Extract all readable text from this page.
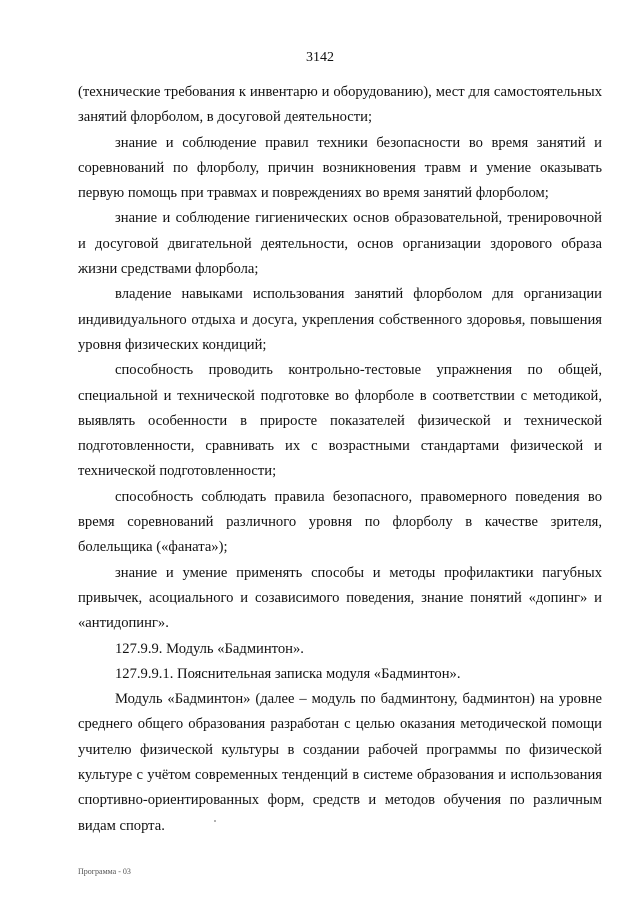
3142

(технические требования к инвентарю и оборудованию), мест для самостоятельных занятий флорболом, в досуговой деятельности;

знание и соблюдение правил техники безопасности во время занятий и соревнований по флорболу, причин возникновения травм и умение оказывать первую помощь при травмах и повреждениях во время занятий флорболом;

знание и соблюдение гигиенических основ образовательной, тренировочной и досуговой двигательной деятельности, основ организации здорового образа жизни средствами флорбола;

владение навыками использования занятий флорболом для организации индивидуального отдыха и досуга, укрепления собственного здоровья, повышения уровня физических кондиций;

способность проводить контрольно-тестовые упражнения по общей, специальной и технической подготовке во флорболе в соответствии с методикой, выявлять особенности в приросте показателей физической и технической подготовленности, сравнивать их с возрастными стандартами физической и технической подготовленности;

способность соблюдать правила безопасного, правомерного поведения во время соревнований различного уровня по флорболу в качестве зрителя, болельщика («фаната»);

знание и умение применять способы и методы профилактики пагубных привычек, асоциального и созависимого поведения, знание понятий «допинг» и «антидопинг».

127.9.9. Модуль «Бадминтон».

127.9.9.1. Пояснительная записка модуля «Бадминтон».

Модуль «Бадминтон» (далее – модуль по бадминтону, бадминтон) на уровне среднего общего образования разработан с целью оказания методической помощи учителю физической культуры в создании рабочей программы по физической культуре с учётом современных тенденций в системе образования и использования спортивно-ориентированных форм, средств и методов обучения по различным видам спорта.

Программа - 03
